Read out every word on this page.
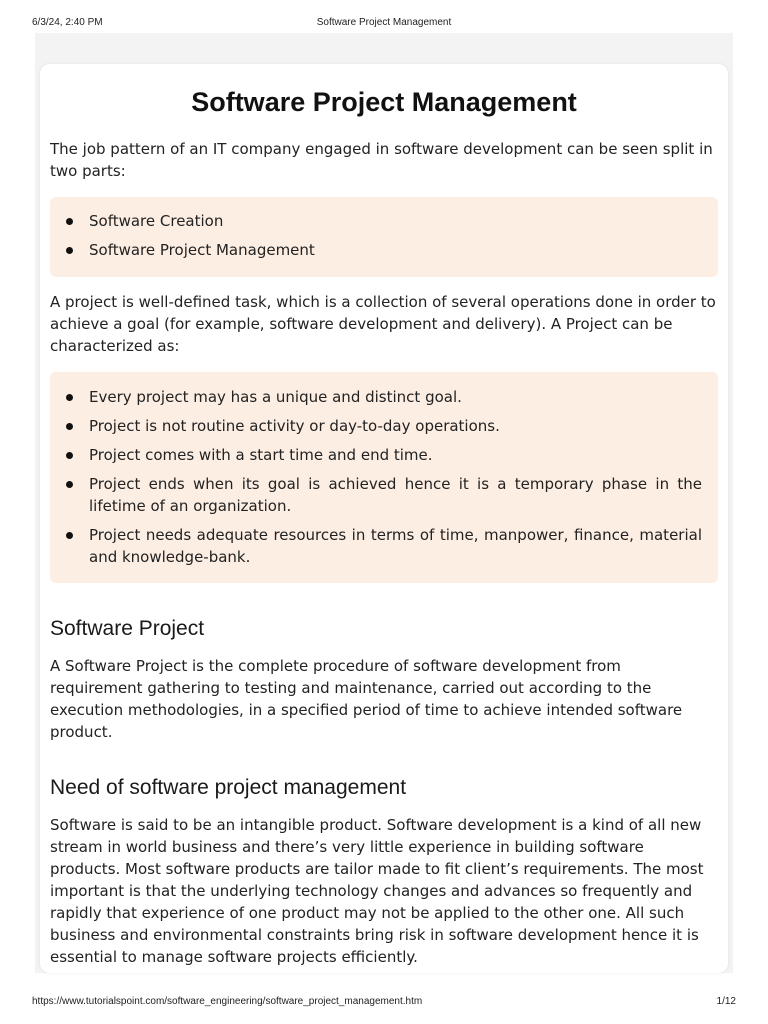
6/3/24, 2:40 PM	Software Project Management
Software Project Management

The job pattern of an IT company engaged in software development can be seen split in two parts:

Software Creation
Software Project Management

A project is well-defined task, which is a collection of several operations done in order to achieve a goal (for example, software development and delivery). A Project can be characterized as:

Every project may has a unique and distinct goal.
Project is not routine activity or day-to-day operations.
Project comes with a start time and end time.
Project ends when its goal is achieved hence it is a temporary phase in the lifetime of an organization.
Project needs adequate resources in terms of time, manpower, finance, material and knowledge-bank.
Software Project

A Software Project is the complete procedure of software development from requirement gathering to testing and maintenance, carried out according to the execution methodologies, in a specified period of time to achieve intended software product.

Need of software project management

Software is said to be an intangible product. Software development is a kind of all new stream in world business and there’s very little experience in building software products. Most software products are tailor made to fit client’s requirements. The most important is that the underlying technology changes and advances so frequently and rapidly that experience of one product may not be applied to the other one. All such business and environmental constraints bring risk in software development hence it is essential to manage software projects efficiently.

https://www.tutorialspoint.com/software_engineering/software_project_management.htm	1/12
